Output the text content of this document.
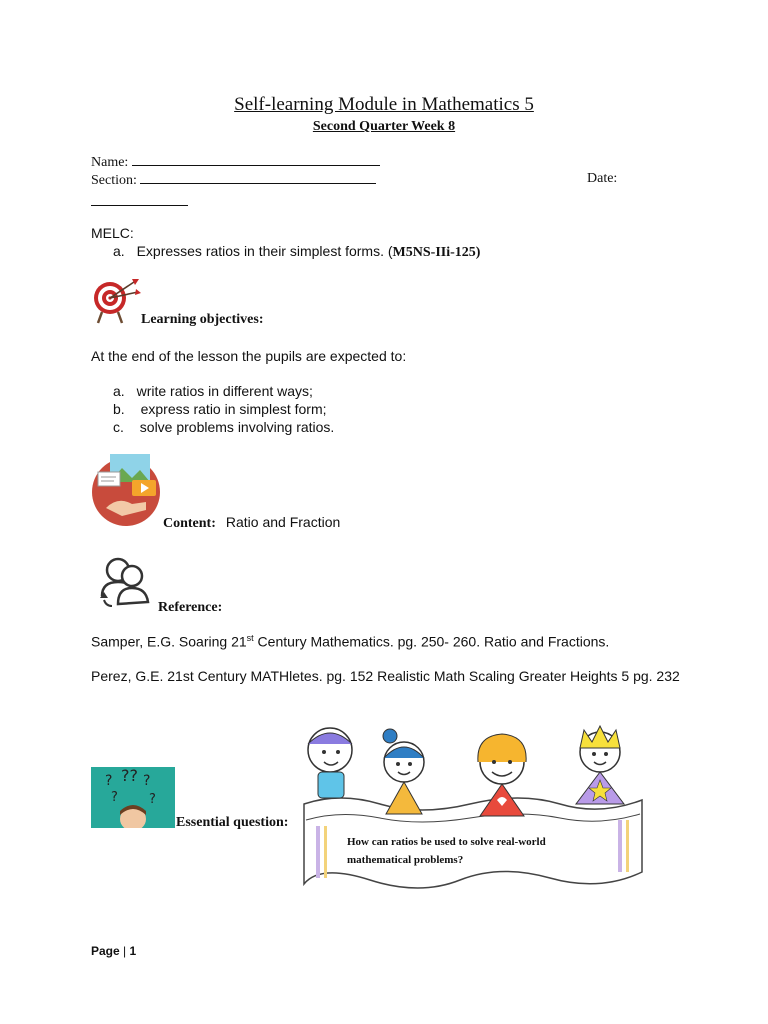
Self-learning Module in Mathematics 5
Second Quarter Week 8
Name:
Section:	Date:
MELC:
a. Expresses ratios in their simplest forms. (M5NS-IIi-125)
Learning objectives:
At the end of the lesson the pupils are expected to:
a. write ratios in different ways;
b. express ratio in simplest form;
c. solve problems involving ratios.
Content: Ratio and Fraction
Reference:
Samper, E.G. Soaring 21st Century Mathematics. pg. 250- 260. Ratio and Fractions.
Perez, G.E. 21st Century MATHletes. pg. 152 Realistic Math Scaling Greater Heights 5 pg. 232
? ?? ?
? ?
Essential question:
How can ratios be used to solve real-world
mathematical problems?
Page | 1
